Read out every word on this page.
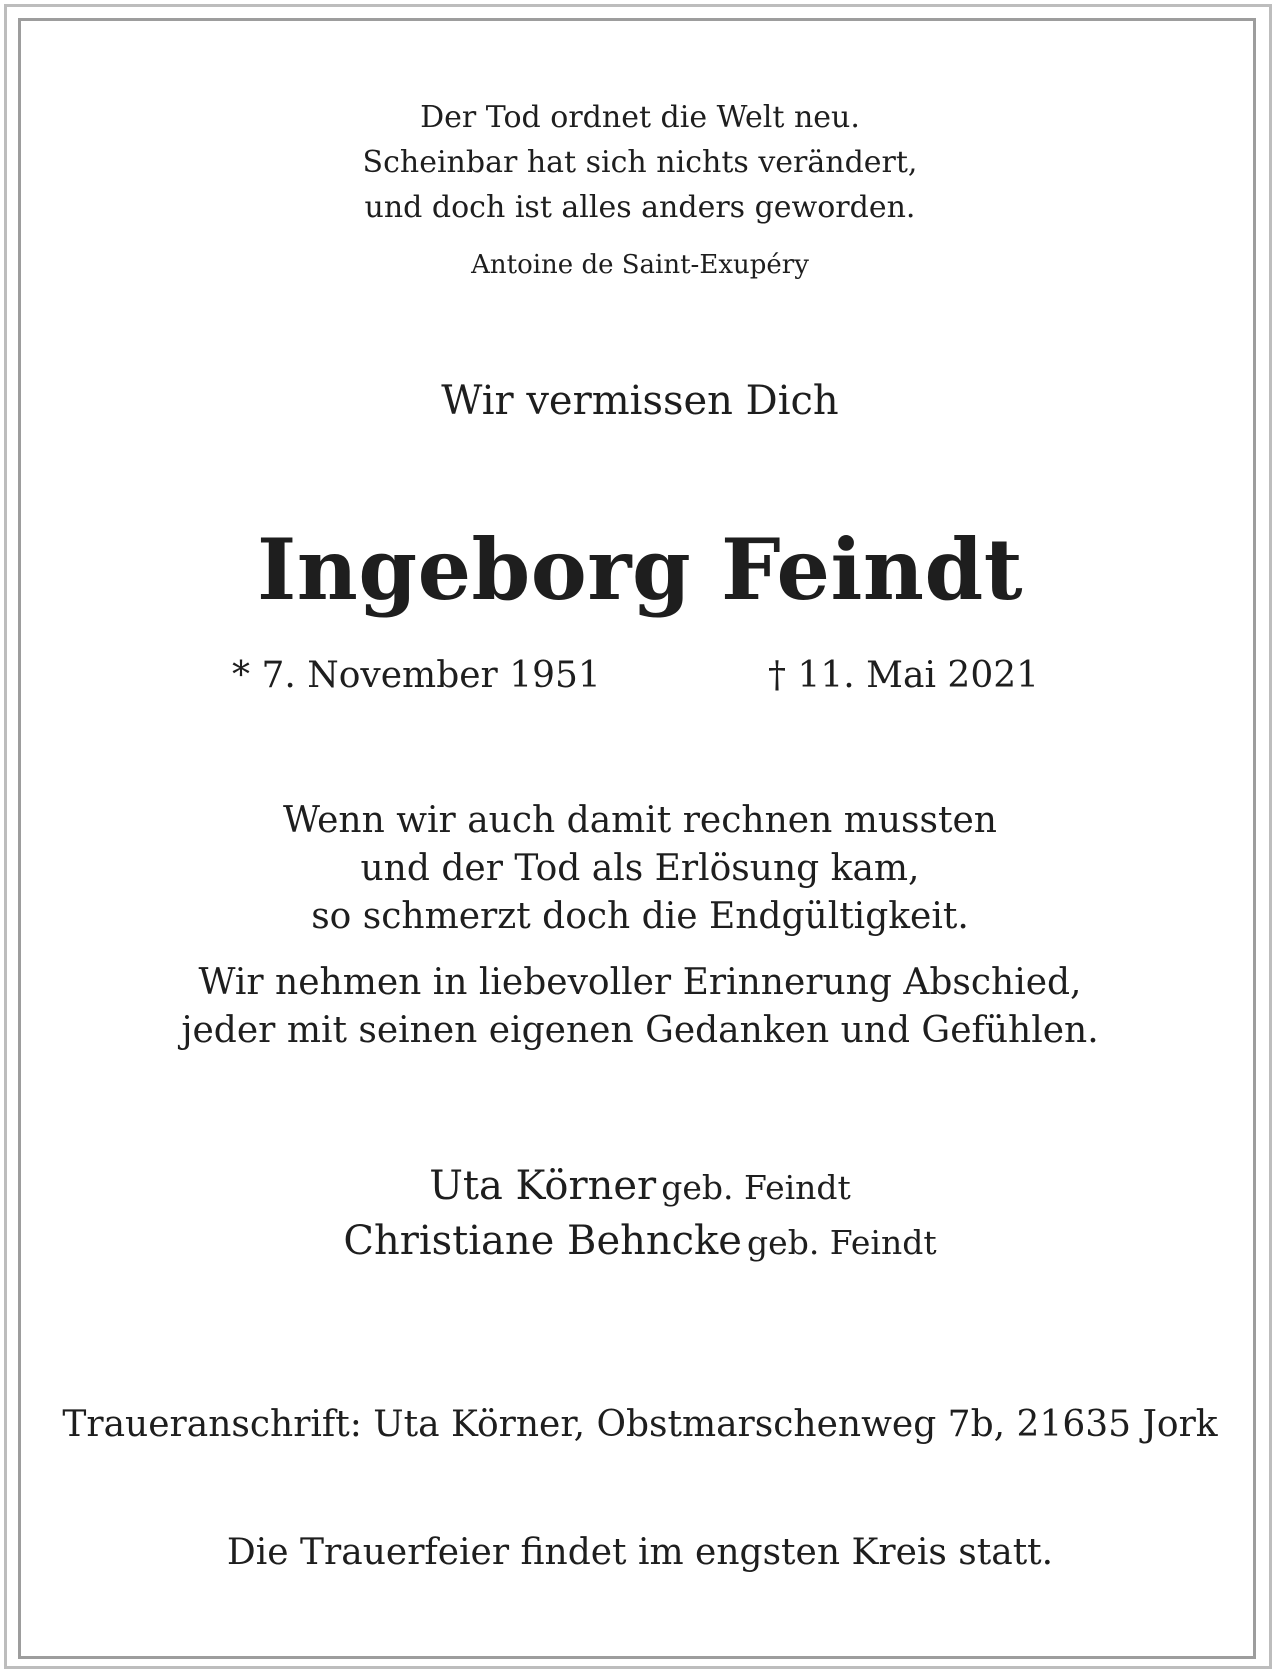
Der Tod ordnet die Welt neu.

Scheinbar hat sich nichts verändert,

und doch ist alles anders geworden.

Antoine de Saint-Exupéry

Wir vermissen Dich

Ingeborg Feindt
* 7. November 1951	† 11. Mai 2021

Wenn wir auch damit rechnen mussten

und der Tod als Erlösung kam,

so schmerzt doch die Endgültigkeit.

Wir nehmen in liebevoller Erinnerung Abschied,

jeder mit seinen eigenen Gedanken und Gefühlen.

Uta Körner geb. Feindt

Christiane Behncke geb. Feindt

Traueranschrift: Uta Körner, Obstmarschenweg 7b, 21635 Jork

Die Trauerfeier findet im engsten Kreis statt.
